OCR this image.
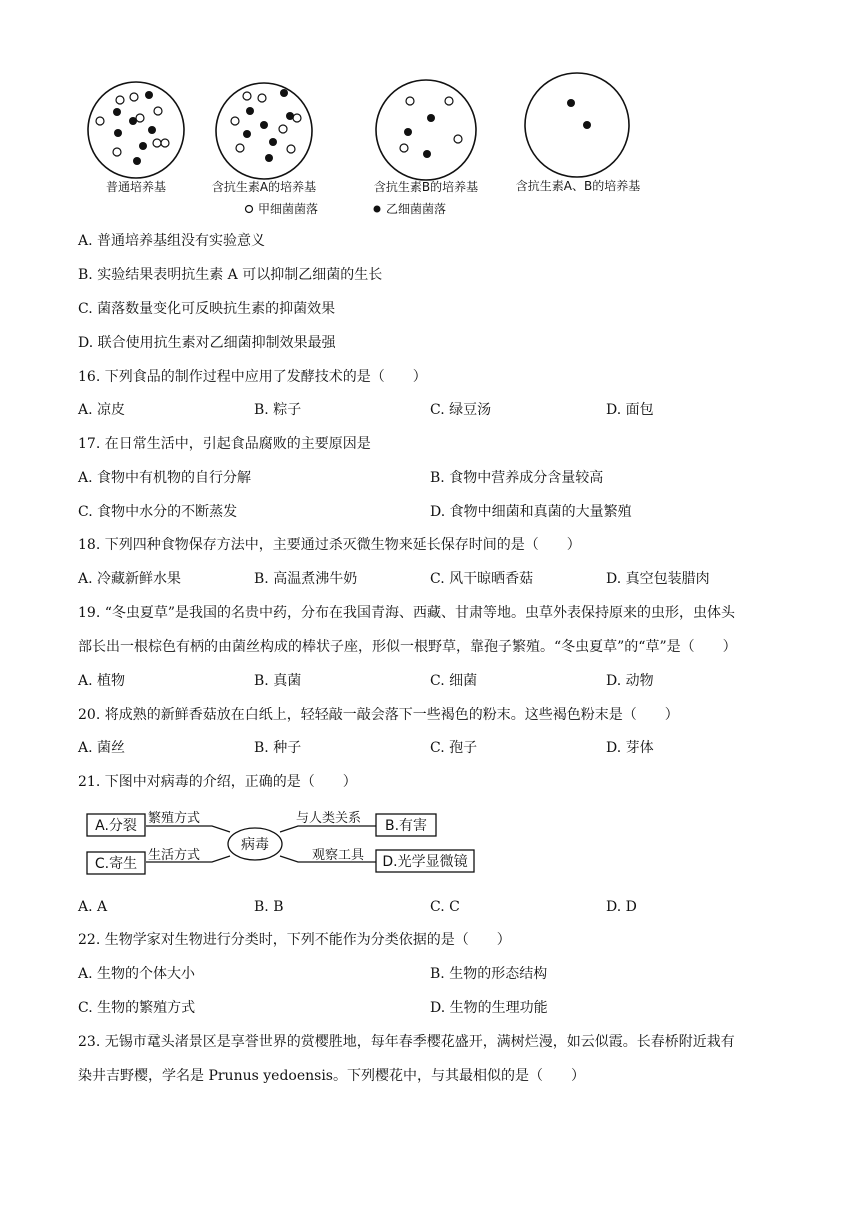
普通培养基	含抗生素A的培养基	含抗生素B的培养基	含抗生素A、B的培养基
甲细菌菌落	乙细菌菌落
A. 普通培养基组没有实验意义
B. 实验结果表明抗生素 A 可以抑制乙细菌的生长
C. 菌落数量变化可反映抗生素的抑菌效果
D. 联合使用抗生素对乙细菌抑制效果最强
16. 下列食品的制作过程中应用了发酵技术的是（　　）
A. 凉皮	B. 粽子	C. 绿豆汤	D. 面包
17. 在日常生活中，引起食品腐败的主要原因是
A. 食物中有机物的自行分解	B. 食物中营养成分含量较高
C. 食物中水分的不断蒸发	D. 食物中细菌和真菌的大量繁殖
18. 下列四种食物保存方法中，主要通过杀灭微生物来延长保存时间的是（　　）
A. 冷藏新鲜水果	B. 高温煮沸牛奶	C. 风干晾晒香菇	D. 真空包装腊肉
19. “冬虫夏草”是我国的名贵中药，分布在我国青海、西藏、甘肃等地。虫草外表保持原来的虫形，虫体头
部长出一根棕色有柄的由菌丝构成的棒状子座，形似一根野草，靠孢子繁殖。“冬虫夏草”的“草”是（　　）
A. 植物	B. 真菌	C. 细菌	D. 动物
20. 将成熟的新鲜香菇放在白纸上，轻轻敲一敲会落下一些褐色的粉末。这些褐色粉末是（　　）
A. 菌丝	B. 种子	C. 孢子	D. 芽体
21. 下图中对病毒的介绍，正确的是（　　）
病毒
A.分裂
C.寄生
B.有害
D.光学显微镜
繁殖方式
生活方式
与人类关系
观察工具
A. A	B. B	C. C	D. D
22. 生物学家对生物进行分类时，下列不能作为分类依据的是（　　）
A. 生物的个体大小	B. 生物的形态结构
C. 生物的繁殖方式	D. 生物的生理功能
23. 无锡市鼋头渚景区是享誉世界的赏樱胜地，每年春季樱花盛开，满树烂漫，如云似霞。长春桥附近栽有
染井吉野樱，学名是 Prunus yedoensis。下列樱花中，与其最相似的是（　　）
